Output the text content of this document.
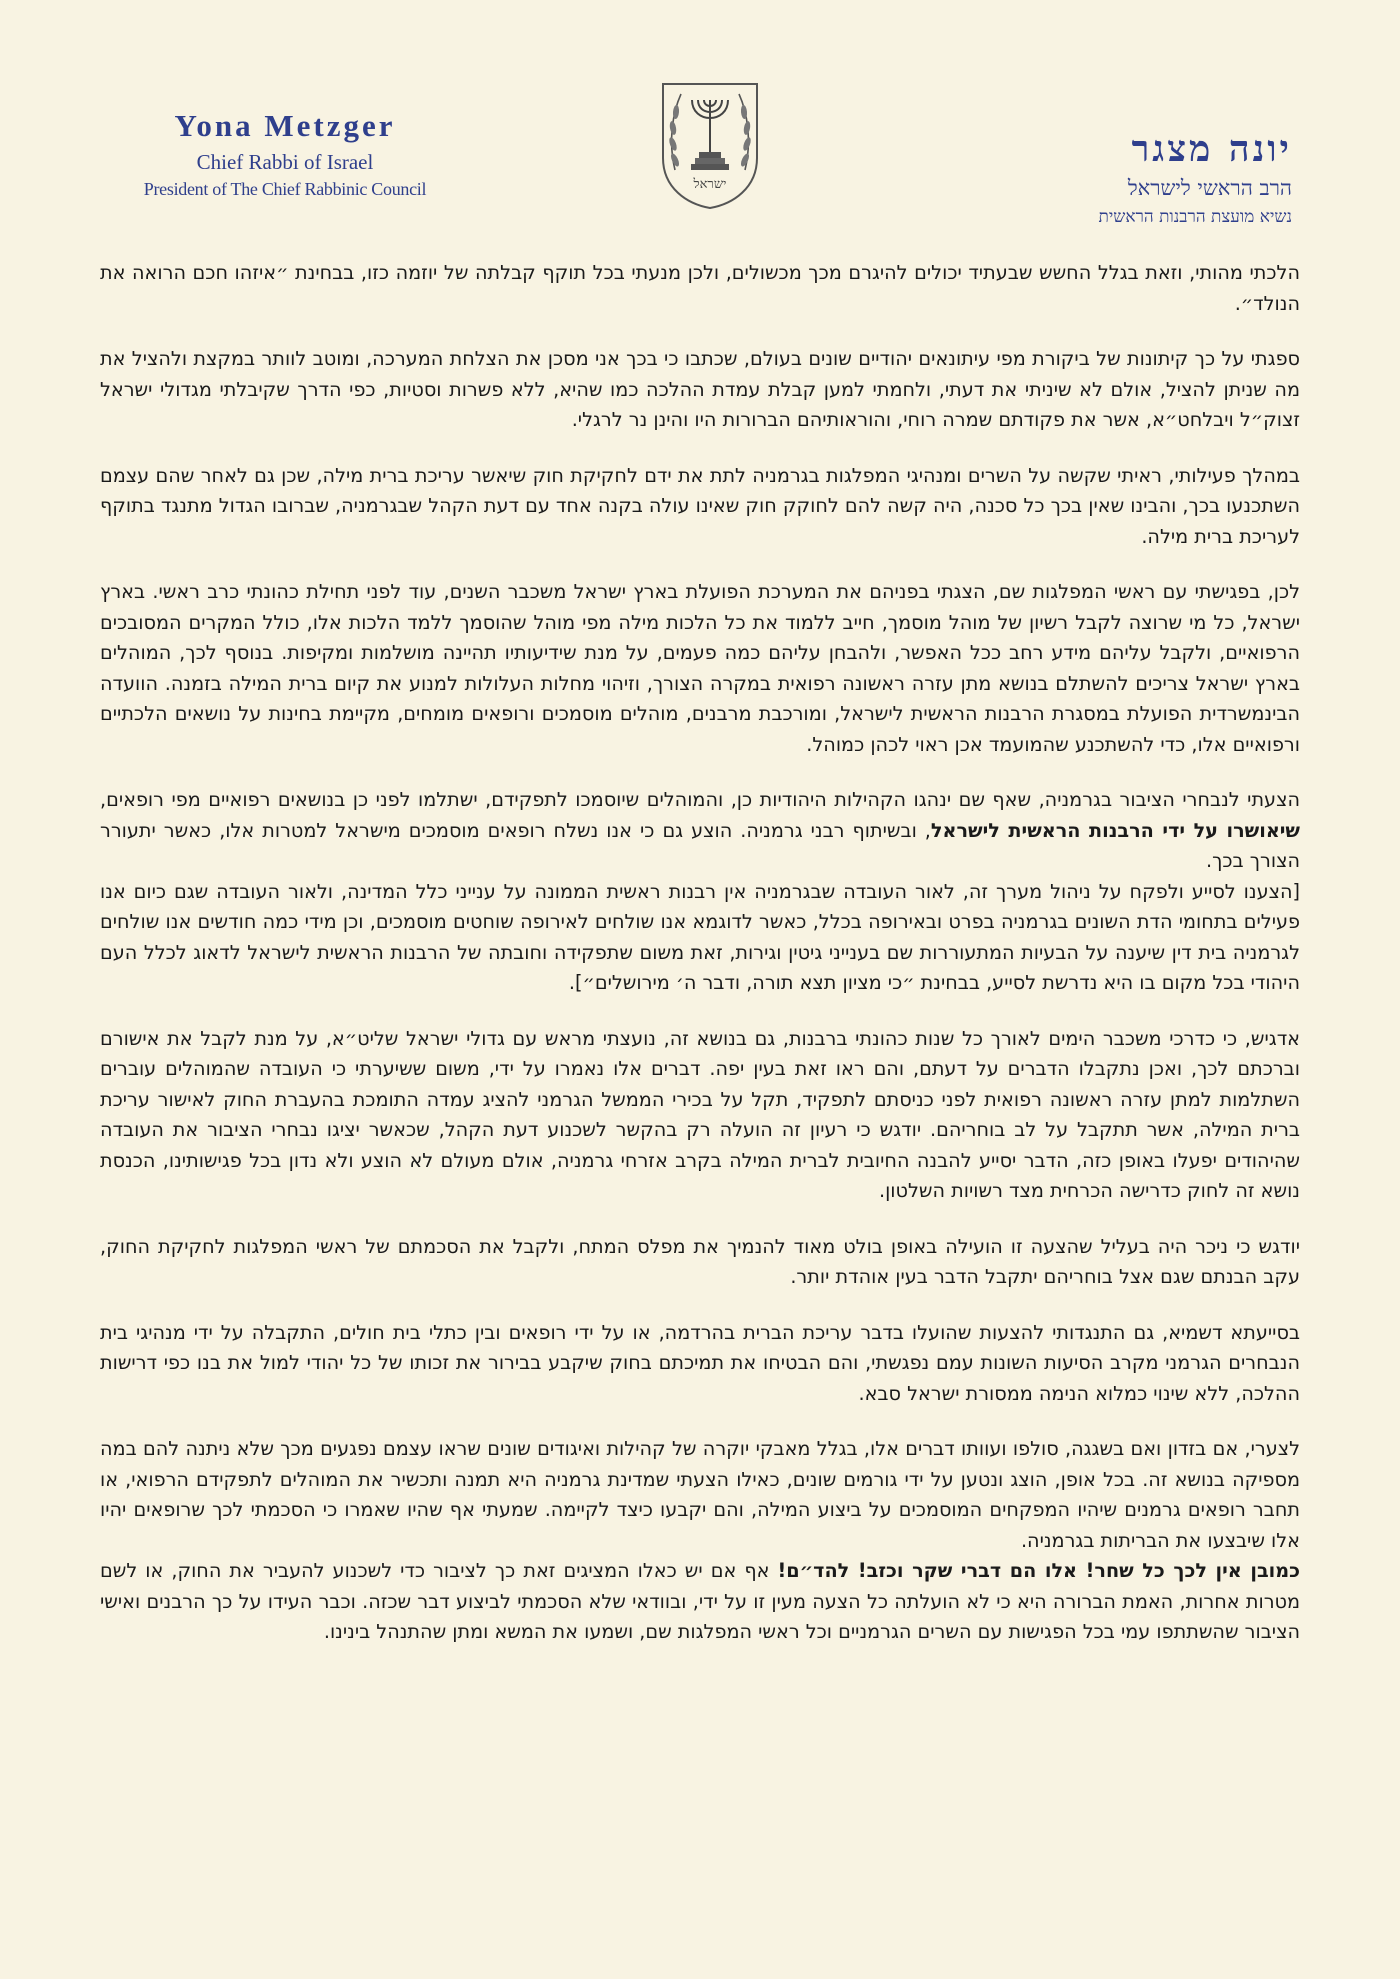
Yona Metzger
Chief Rabbi of Israel
President of The Chief Rabbinic Council	ישראל
יונה מצגר
הרב הראשי לישראל
נשיא מועצת הרבנות הראשית

הלכתי מהותי, וזאת בגלל החשש שבעתיד יכולים להיגרם מכך מכשולים, ולכן מנעתי בכל תוקף קבלתה של יוזמה כזו, בבחינת ״איזהו חכם הרואה את הנולד״.

ספגתי על כך קיתונות של ביקורת מפי עיתונאים יהודיים שונים בעולם, שכתבו כי בכך אני מסכן את הצלחת המערכה, ומוטב לוותר במקצת ולהציל את מה שניתן להציל, אולם לא שיניתי את דעתי, ולחמתי למען קבלת עמדת ההלכה כמו שהיא, ללא פשרות וסטיות, כפי הדרך שקיבלתי מגדולי ישראל זצוק״ל ויבלחט״א, אשר את פקודתם שמרה רוחי, והוראותיהם הברורות היו והינן נר לרגלי.

במהלך פעילותי, ראיתי שקשה על השרים ומנהיגי המפלגות בגרמניה לתת את ידם לחקיקת חוק שיאשר עריכת ברית מילה, שכן גם לאחר שהם עצמם השתכנעו בכך, והבינו שאין בכך כל סכנה, היה קשה להם לחוקק חוק שאינו עולה בקנה אחד עם דעת הקהל שבגרמניה, שברובו הגדול מתנגד בתוקף לעריכת ברית מילה.

לכן, בפגישתי עם ראשי המפלגות שם, הצגתי בפניהם את המערכת הפועלת בארץ ישראל משכבר השנים, עוד לפני תחילת כהונתי כרב ראשי. בארץ ישראל, כל מי שרוצה לקבל רשיון של מוהל מוסמך, חייב ללמוד את כל הלכות מילה מפי מוהל שהוסמך ללמד הלכות אלו, כולל המקרים המסובכים הרפואיים, ולקבל עליהם מידע רחב ככל האפשר, ולהבחן עליהם כמה פעמים, על מנת שידיעותיו תהיינה מושלמות ומקיפות. בנוסף לכך, המוהלים בארץ ישראל צריכים להשתלם בנושא מתן עזרה ראשונה רפואית במקרה הצורך, וזיהוי מחלות העלולות למנוע את קיום ברית המילה בזמנה. הוועדה הבינמשרדית הפועלת במסגרת הרבנות הראשית לישראל, ומורכבת מרבנים, מוהלים מוסמכים ורופאים מומחים, מקיימת בחינות על נושאים הלכתיים ורפואיים אלו, כדי להשתכנע שהמועמד אכן ראוי לכהן כמוהל.

הצעתי לנבחרי הציבור בגרמניה, שאף שם ינהגו הקהילות היהודיות כן, והמוהלים שיוסמכו לתפקידם, ישתלמו לפני כן בנושאים רפואיים מפי רופאים, שיאושרו על ידי הרבנות הראשית לישראל, ובשיתוף רבני גרמניה. הוצע גם כי אנו נשלח רופאים מוסמכים מישראל למטרות אלו, כאשר יתעורר הצורך בכך.

[הצענו לסייע ולפקח על ניהול מערך זה, לאור העובדה שבגרמניה אין רבנות ראשית הממונה על ענייני כלל המדינה, ולאור העובדה שגם כיום אנו פעילים בתחומי הדת השונים בגרמניה בפרט ובאירופה בכלל, כאשר לדוגמא אנו שולחים לאירופה שוחטים מוסמכים, וכן מידי כמה חודשים אנו שולחים לגרמניה בית דין שיענה על הבעיות המתעוררות שם בענייני גיטין וגירות, זאת משום שתפקידה וחובתה של הרבנות הראשית לישראל לדאוג לכלל העם היהודי בכל מקום בו היא נדרשת לסייע, בבחינת ״כי מציון תצא תורה, ודבר ה׳ מירושלים״].

אדגיש, כי כדרכי משכבר הימים לאורך כל שנות כהונתי ברבנות, גם בנושא זה, נועצתי מראש עם גדולי ישראל שליט״א, על מנת לקבל את אישורם וברכתם לכך, ואכן נתקבלו הדברים על דעתם, והם ראו זאת בעין יפה. דברים אלו נאמרו על ידי, משום ששיערתי כי העובדה שהמוהלים עוברים השתלמות למתן עזרה ראשונה רפואית לפני כניסתם לתפקיד, תקל על בכירי הממשל הגרמני להציג עמדה התומכת בהעברת החוק לאישור עריכת ברית המילה, אשר תתקבל על לב בוחריהם. יודגש כי רעיון זה הועלה רק בהקשר לשכנוע דעת הקהל, שכאשר יציגו נבחרי הציבור את העובדה שהיהודים יפעלו באופן כזה, הדבר יסייע להבנה החיובית לברית המילה בקרב אזרחי גרמניה, אולם מעולם לא הוצע ולא נדון בכל פגישותינו, הכנסת נושא זה לחוק כדרישה הכרחית מצד רשויות השלטון.

יודגש כי ניכר היה בעליל שהצעה זו הועילה באופן בולט מאוד להנמיך את מפלס המתח, ולקבל את הסכמתם של ראשי המפלגות לחקיקת החוק, עקב הבנתם שגם אצל בוחריהם יתקבל הדבר בעין אוהדת יותר.

בסייעתא דשמיא, גם התנגדותי להצעות שהועלו בדבר עריכת הברית בהרדמה, או על ידי רופאים ובין כתלי בית חולים, התקבלה על ידי מנהיגי בית הנבחרים הגרמני מקרב הסיעות השונות עמם נפגשתי, והם הבטיחו את תמיכתם בחוק שיקבע בבירור את זכותו של כל יהודי למול את בנו כפי דרישות ההלכה, ללא שינוי כמלוא הנימה ממסורת ישראל סבא.

לצערי, אם בזדון ואם בשגגה, סולפו ועוותו דברים אלו, בגלל מאבקי יוקרה של קהילות ואיגודים שונים שראו עצמם נפגעים מכך שלא ניתנה להם במה מספיקה בנושא זה. בכל אופן, הוצג ונטען על ידי גורמים שונים, כאילו הצעתי שמדינת גרמניה היא תמנה ותכשיר את המוהלים לתפקידם הרפואי, או תחבר רופאים גרמנים שיהיו המפקחים המוסמכים על ביצוע המילה, והם יקבעו כיצד לקיימה. שמעתי אף שהיו שאמרו כי הסכמתי לכך שרופאים יהיו אלו שיבצעו את הבריתות בגרמניה.

כמובן אין לכך כל שחר! אלו הם דברי שקר וכזב! להד״ם! אף אם יש כאלו המציגים זאת כך לציבור כדי לשכנוע להעביר את החוק, או לשם מטרות אחרות, האמת הברורה היא כי לא הועלתה כל הצעה מעין זו על ידי, ובוודאי שלא הסכמתי לביצוע דבר שכזה. וכבר העידו על כך הרבנים ואישי הציבור שהשתתפו עמי בכל הפגישות עם השרים הגרמניים וכל ראשי המפלגות שם, ושמעו את המשא ומתן שהתנהל בינינו.
